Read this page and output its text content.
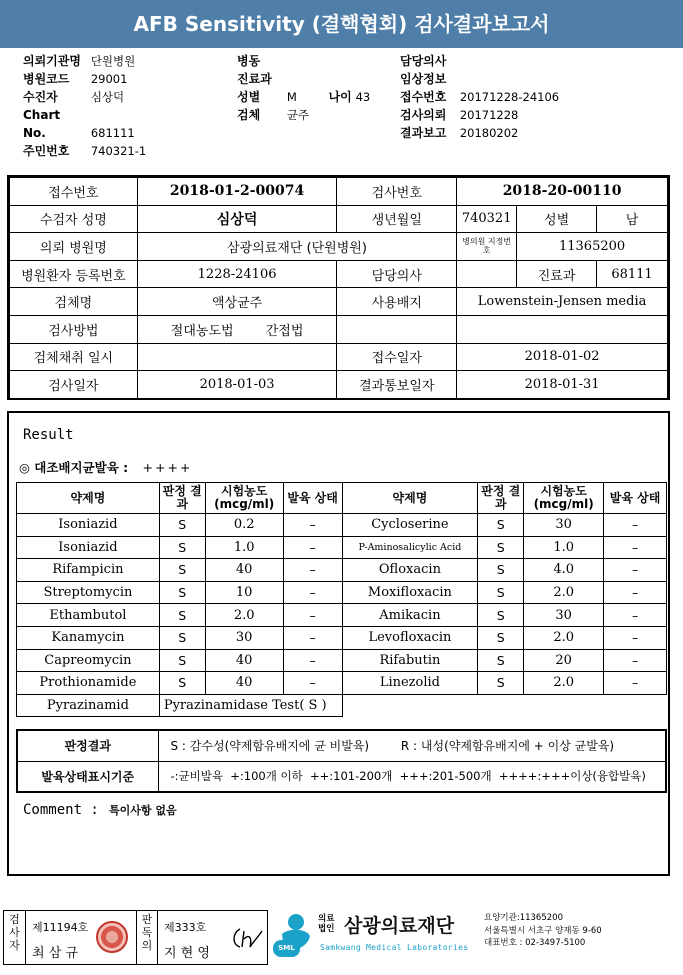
AFB Sensitivity (결핵협회) 검사결과보고서
의뢰기관명 단원병원
병원코드 29001
수진자	심상덕
Chart No.	681111
주민번호 740321-1
병동
진료과
성별 M	나이 43
검체 균주
담당의사
임상정보
접수번호 20171228-24106
검사의뢰 20171228
결과보고 20180202
접수번호	2018-01-2-00074	검사번호	2018-20-00110		
수검자 성명	심상덕	생년월일	740321	성별	남
의뢰 병원명	삼광의료재단 (단원병원)		병의원 지정번호	11365200	
병원환자 등록번호	1228-24106	담당의사		진료과	68111
검체명	액상균주	사용배지	Lowenstein-Jensen media		
검사방법	절대농도법 간접법				
검체채취 일시		접수일자	2018-01-02		
검사일자	2018-01-03	결과통보일자	2018-01-31		
Result
◎ 대조배지균발육 : ++++
약제명	판정 결과	시험농도 (mcg/ml)	발육 상태	약제명	판정 결과	시험농도 (mcg/ml)	발육 상태
Isoniazid	S	0.2	–	Cycloserine	S	30	–
Isoniazid	S	1.0	–	P-Aminosalicylic Acid	S	1.0	–
Rifampicin	S	40	–	Ofloxacin	S	4.0	–
Streptomycin	S	10	–	Moxifloxacin	S	2.0	–
Ethambutol	S	2.0	–	Amikacin	S	30	–
Kanamycin	S	30	–	Levofloxacin	S	2.0	–
Capreomycin	S	40	–	Rifabutin	S	20	–
Prothionamide	S	40	–	Linezolid	S	2.0	–
Pyrazinamid	Pyrazinamidase Test( S )						
판정결과	S : 감수성(약제함유배지에 균 비발육) R : 내성(약제함유배지에 + 이상 균발육)
발육상태표시기준	-:균비발육  +:100개 이하  ++:101-200개  +++:201-500개  ++++:+++이상(융합발육)
Comment : 특이사항 없음
검사자
제11194호
최 삼 규
판독의
제333호
지 현 영	SML
의료
법인 삼광의료재단
Samkwang Medical Laboratories
요양기관:11365200
서울특별시 서초구 양재동 9-60
대표번호 : 02-3497-5100
